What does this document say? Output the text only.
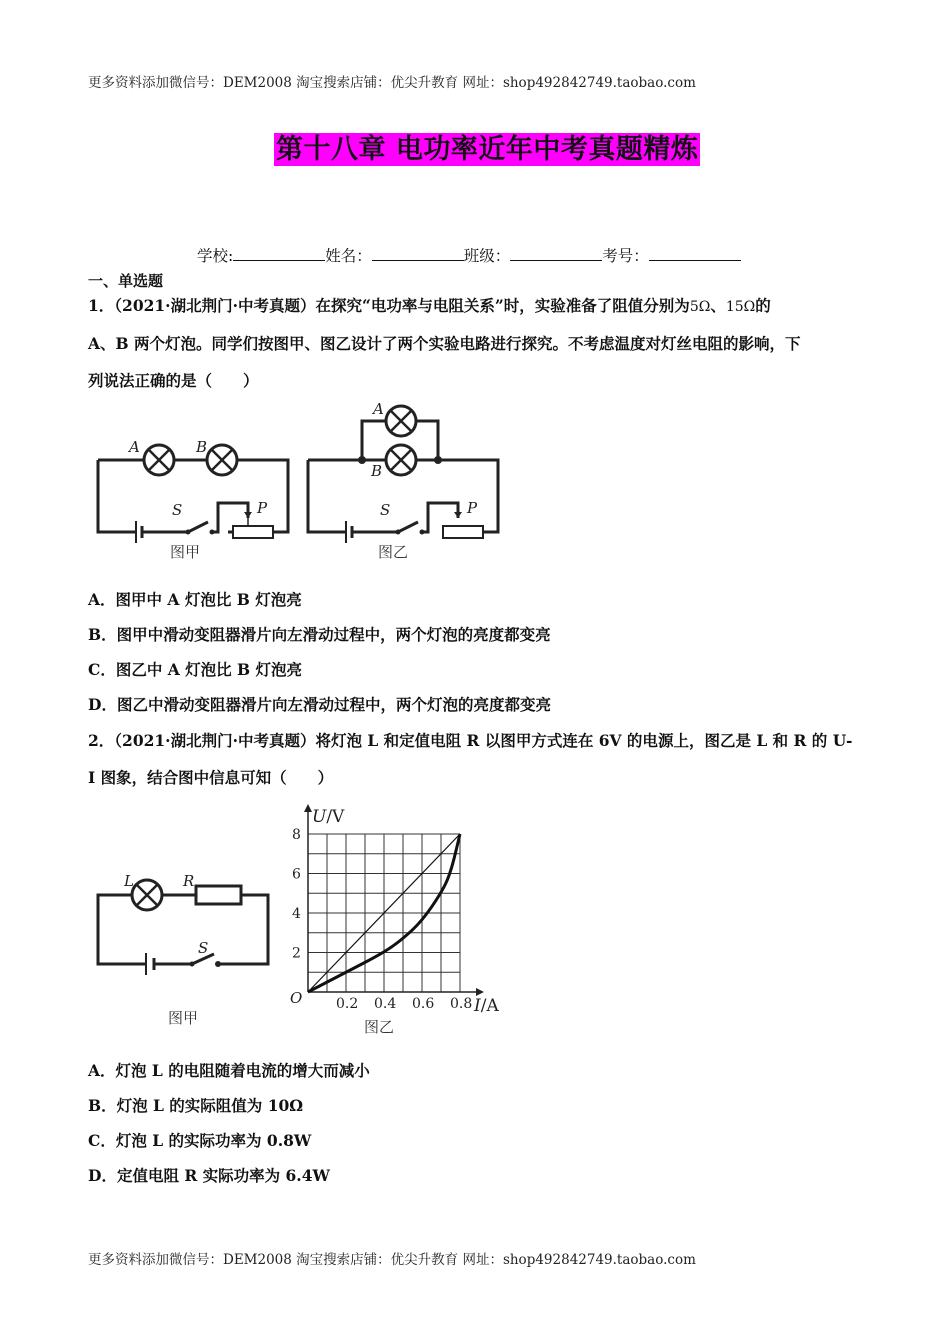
更多资料添加微信号：DEM2008 淘宝搜索店铺：优尖升教育 网址：shop492842749.taobao.com
第十八章 电功率近年中考真题精炼
学校:	姓名：	班级：	考号：
一、单选题
1．（2021·湖北荆门·中考真题）在探究“电功率与电阻关系”时，实验准备了阻值分别为5Ω、15Ω的
A、B 两个灯泡。同学们按图甲、图乙设计了两个实验电路进行探究。不考虑温度对灯丝电阻的影响，下
列说法正确的是（　　）
A	B
S	P
图甲
A
B
S	P
图乙
A．图甲中 A 灯泡比 B 灯泡亮
B．图甲中滑动变阻器滑片向左滑动过程中，两个灯泡的亮度都变亮
C．图乙中 A 灯泡比 B 灯泡亮
D．图乙中滑动变阻器滑片向左滑动过程中，两个灯泡的亮度都变亮
2．（2021·湖北荆门·中考真题）将灯泡 L 和定值电阻 R 以图甲方式连在 6V 的电源上，图乙是 L 和 R 的 U-
I 图象，结合图中信息可知（　　）
L	R
S
图甲
0.2 0.4 0.6 0.8
2
4
6
8
U/V
I/A
O
图乙
A．灯泡 L 的电阻随着电流的增大而减小
B．灯泡 L 的实际阻值为 10Ω
C．灯泡 L 的实际功率为 0.8W
D．定值电阻 R 实际功率为 6.4W
更多资料添加微信号：DEM2008 淘宝搜索店铺：优尖升教育 网址：shop492842749.taobao.com
